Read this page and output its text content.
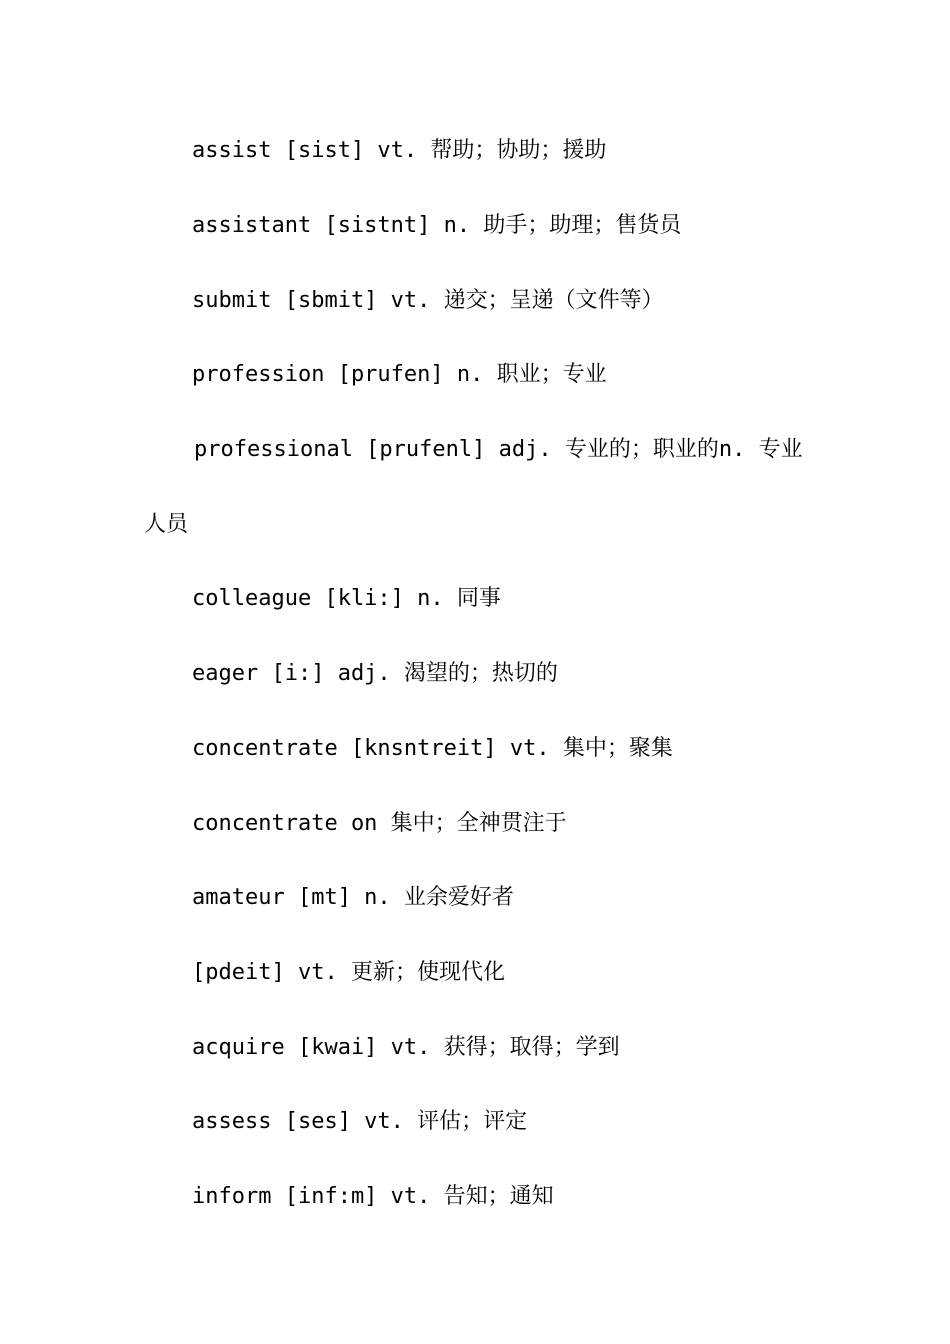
assist [sist] vt. 帮助；协助；援助
assistant [sistnt] n. 助手；助理；售货员
submit [sbmit] vt. 递交；呈递（文件等）
profession [prufen] n. 职业；专业
professional [prufenl] adj. 专业的；职业的n. 专业
人员
colleague [kli:] n. 同事
eager [i:] adj. 渴望的；热切的
concentrate [knsntreit] vt. 集中；聚集
concentrate on 集中；全神贯注于
amateur [mt] n. 业余爱好者
[pdeit] vt. 更新；使现代化
acquire [kwai] vt. 获得；取得；学到
assess [ses] vt. 评估；评定
inform [inf:m] vt. 告知；通知
